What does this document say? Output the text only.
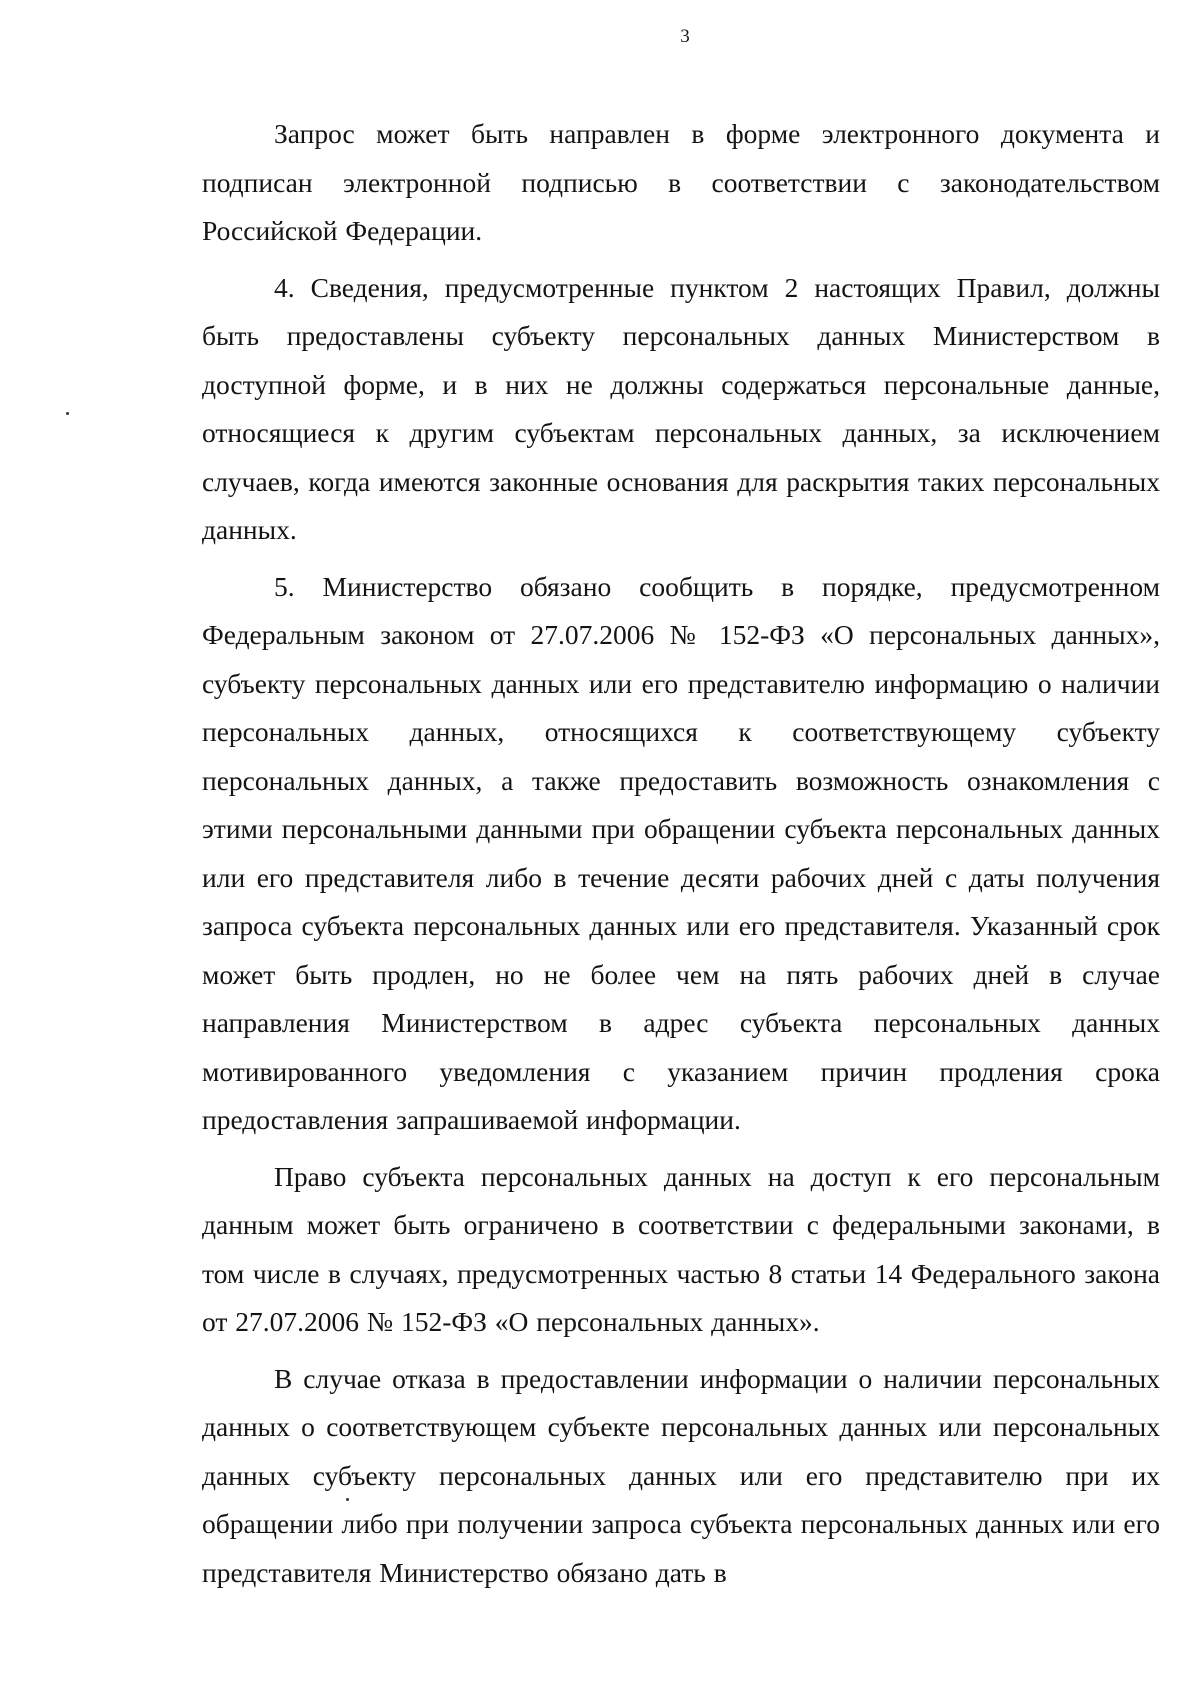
3

Запрос может быть направлен в форме электронного документа и подписан электронной подписью в соответствии с законодательством Российской Федерации.

4. Сведения, предусмотренные пунктом 2 настоящих Правил, должны быть предоставлены субъекту персональных данных Министерством в доступной форме, и в них не должны содержаться персональные данные, относящиеся к другим субъектам персональных данных, за исключением случаев, когда имеются законные основания для раскрытия таких персональных данных.

5. Министерство обязано сообщить в порядке, предусмотренном Федеральным законом от 27.07.2006 № 152-ФЗ «О персональных данных», субъекту персональных данных или его представителю информацию о наличии персональных данных, относящихся к соответствующему субъекту персональных данных, а также предоставить возможность ознакомления с этими персональными данными при обращении субъекта персональных данных или его представителя либо в течение десяти рабочих дней с даты получения запроса субъекта персональных данных или его представителя. Указанный срок может быть продлен, но не более чем на пять рабочих дней в случае направления Министерством в адрес субъекта персональных данных мотивированного уведомления с указанием причин продления срока предоставления запрашиваемой информации.

Право субъекта персональных данных на доступ к его персональным данным может быть ограничено в соответствии с федеральными законами, в том числе в случаях, предусмотренных частью 8 статьи 14 Федерального закона от 27.07.2006 № 152-ФЗ «О персональных данных».

В случае отказа в предоставлении информации о наличии персональных данных о соответствующем субъекте персональных данных или персональных данных субъекту персональных данных или его представителю при их обращении либо при получении запроса субъекта персональных данных или его представителя Министерство обязано дать в
